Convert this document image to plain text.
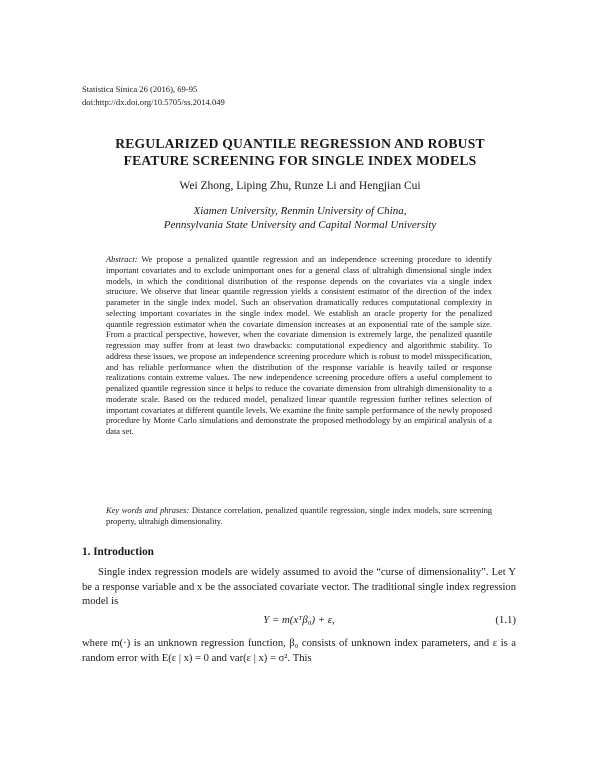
Statistica Sinica 26 (2016), 69-95
doi:http://dx.doi.org/10.5705/ss.2014.049
REGULARIZED QUANTILE REGRESSION AND ROBUST
FEATURE SCREENING FOR SINGLE INDEX MODELS
Wei Zhong, Liping Zhu, Runze Li and Hengjian Cui
Xiamen University, Renmin University of China,
Pennsylvania State University and Capital Normal University

Abstract: We propose a penalized quantile regression and an independence screening procedure to identify important covariates and to exclude unimportant ones for a general class of ultrahigh dimensional single index models, in which the conditional distribution of the response depends on the covariates via a single index structure. We observe that linear quantile regression yields a consistent estimator of the direction of the index parameter in the single index model. Such an observation dramatically reduces computational complexity in selecting important covariates in the single index model. We establish an oracle property for the penalized quantile regression estimator when the covariate dimension increases at an exponential rate of the sample size. From a practical perspective, however, when the covariate dimension is extremely large, the penalized quantile regression may suffer from at least two drawbacks: computational expediency and algorithmic stability. To address these issues, we propose an independence screening procedure which is robust to model misspecification, and has reliable performance when the distribution of the response variable is heavily tailed or response realizations contain extreme values. The new independence screening procedure offers a useful complement to penalized quantile regression since it helps to reduce the covariate dimension from ultrahigh dimensionality to a moderate scale. Based on the reduced model, penalized linear quantile regression further refines selection of important covariates at different quantile levels. We examine the finite sample performance of the newly proposed procedure by Monte Carlo simulations and demonstrate the proposed methodology by an empirical analysis of a data set.

Key words and phrases: Distance correlation, penalized quantile regression, single index models, sure screening property, ultrahigh dimensionality.
1. Introduction
Single index regression models are widely assumed to avoid the “curse of dimensionality”. Let Y be a response variable and x be the associated covariate vector. The traditional single index regression model is
Y = m(xᵀβ₀) + ε,	(1.1)
where m(·) is an unknown regression function, β₀ consists of unknown index parameters, and ε is a random error with E(ε | x) = 0 and var(ε | x) = σ². This
